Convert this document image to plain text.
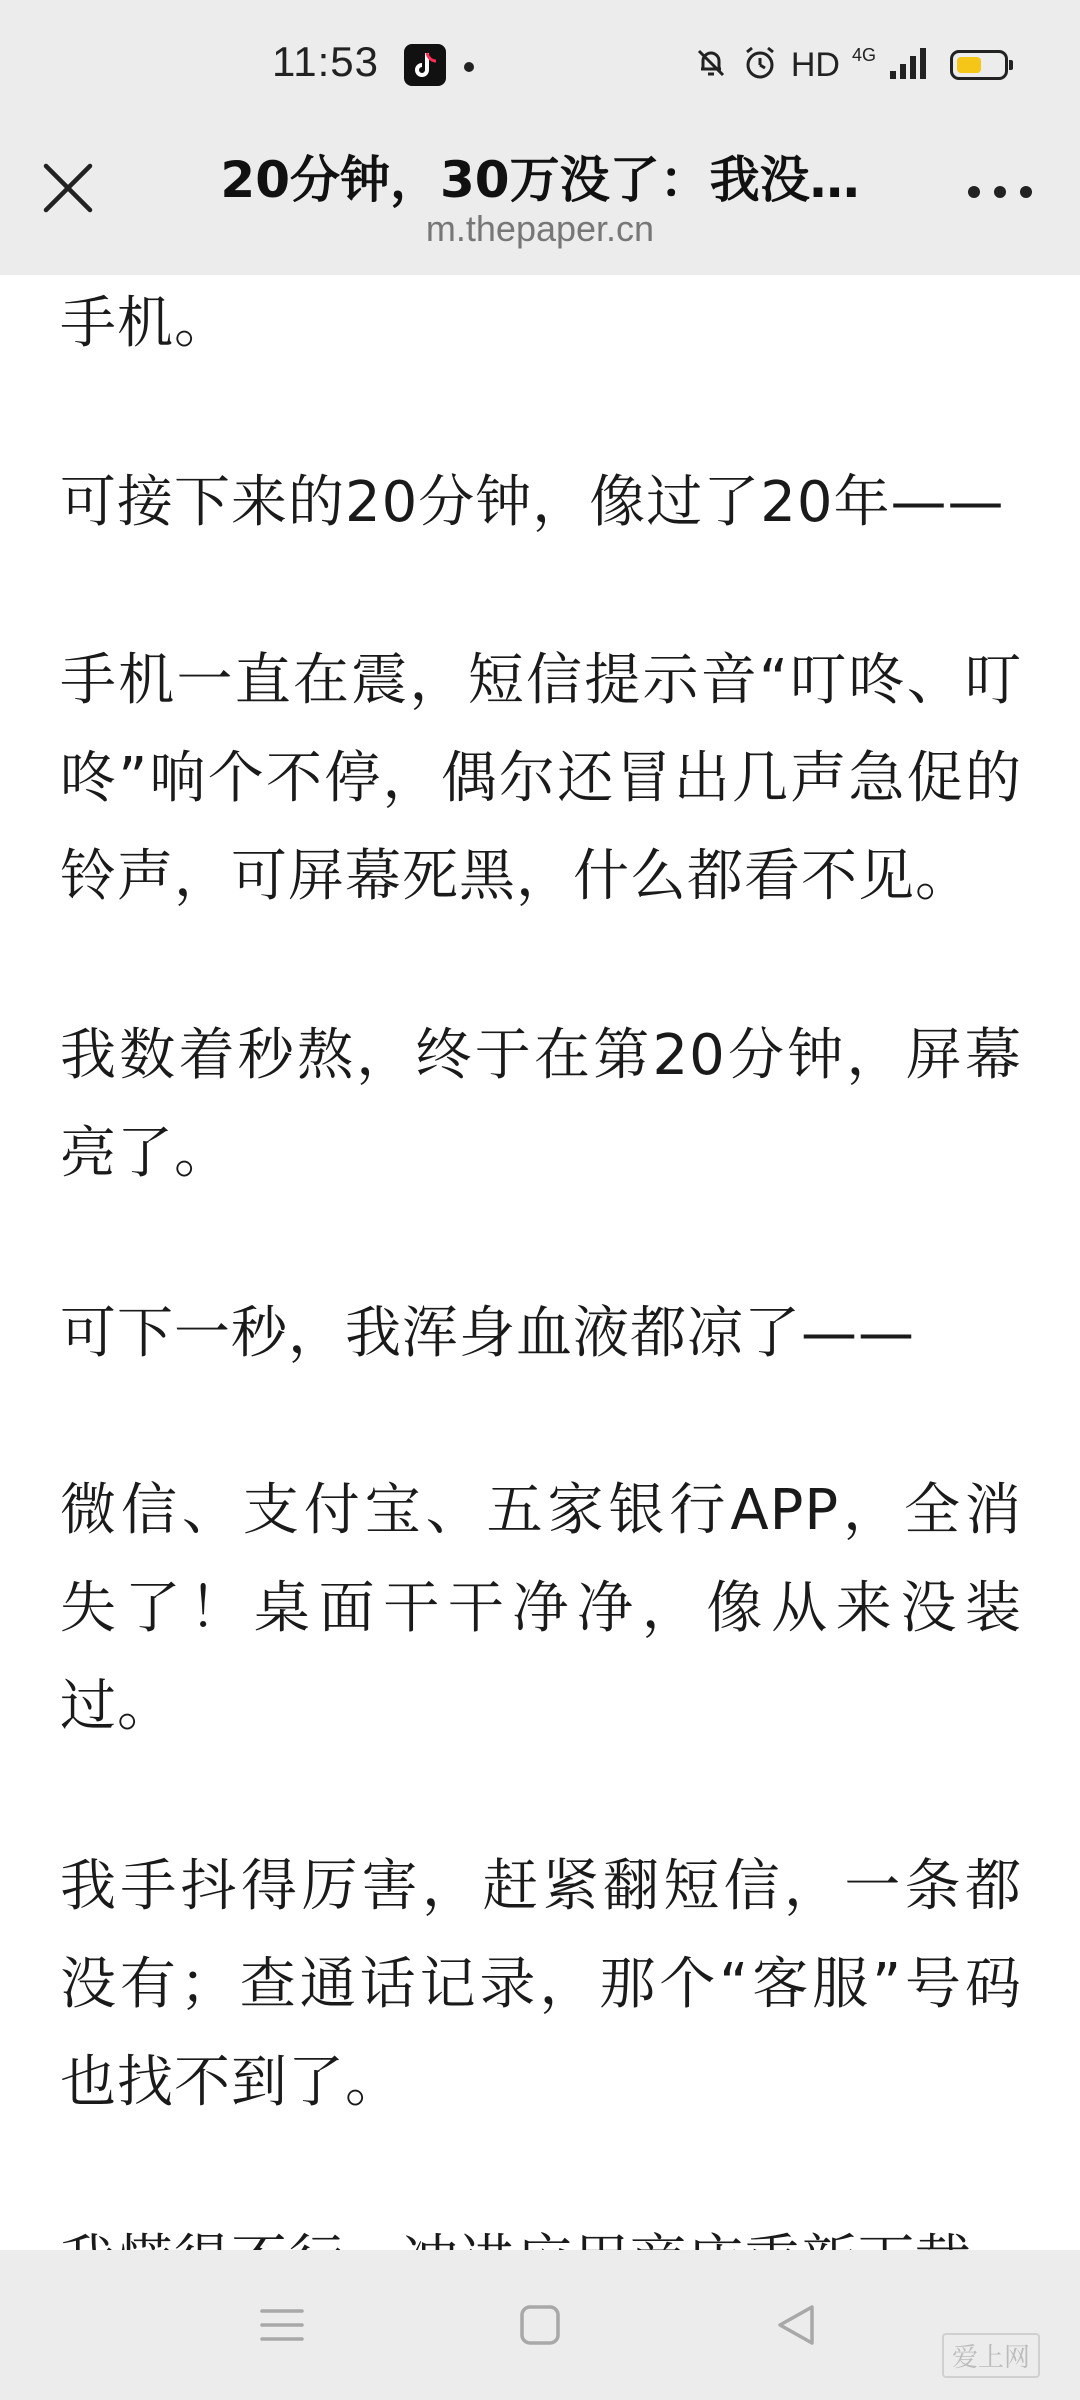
11:53	HD 4G
20分钟，30万没了：我没…
m.thepaper.cn

手机。

可接下来的20分钟，像过了20年——

手机一直在震，短信提示音“叮咚、叮咚”响个不停，偶尔还冒出几声急促的铃声，可屏幕死黑，什么都看不见。

我数着秒熬，终于在第20分钟，屏幕亮了。

可下一秒，我浑身血液都凉了——

微信、支付宝、五家银行APP，全消失了！桌面干干净净，像从来没装过。

我手抖得厉害，赶紧翻短信，一条都没有；查通话记录，那个“客服”号码也找不到了。

爱上网
